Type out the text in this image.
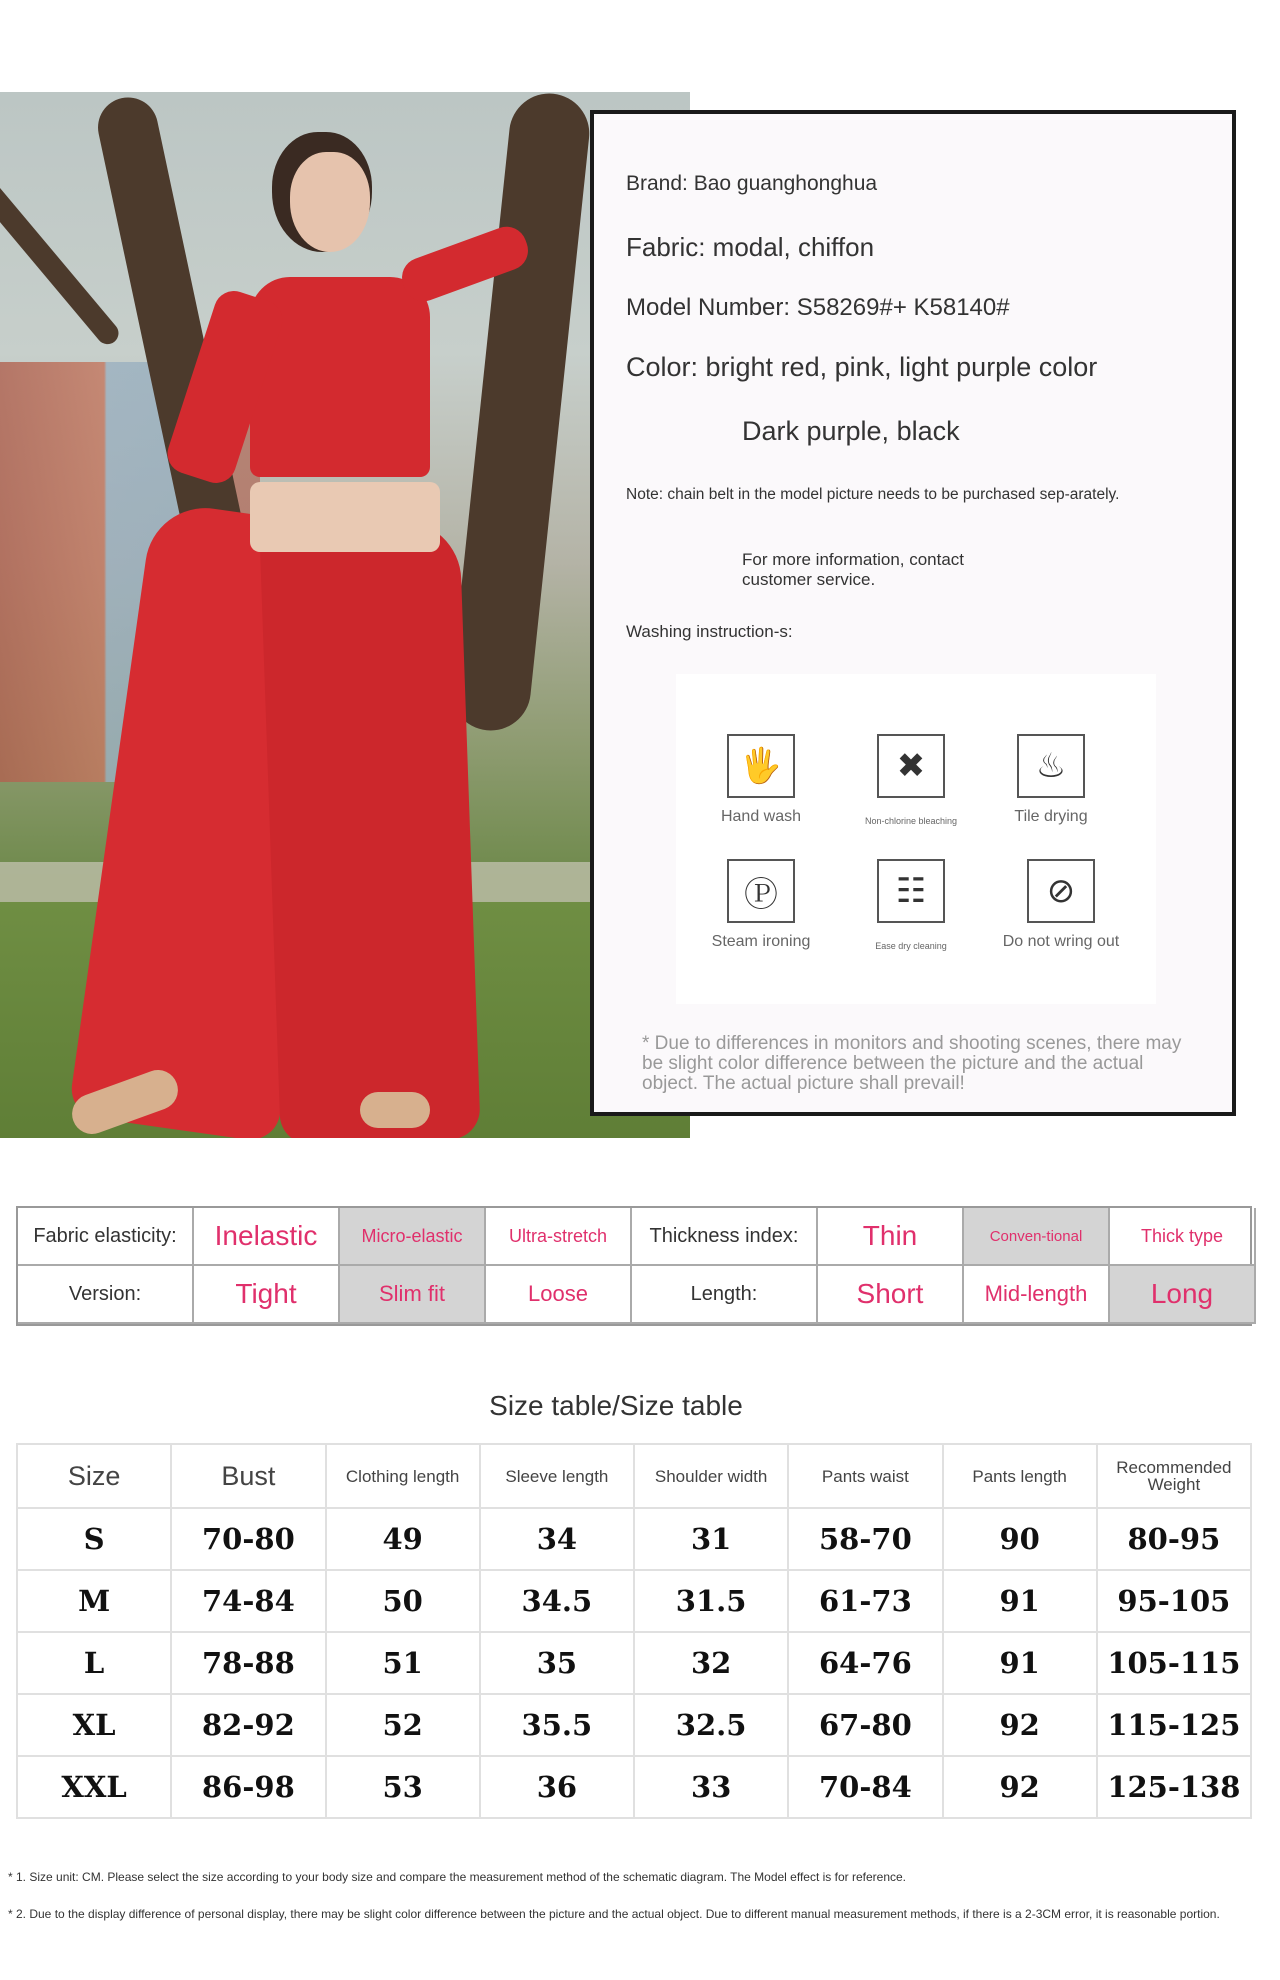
Brand: Bao guanghonghua
Fabric: modal, chiffon
Model Number: S58269#+ K58140#
Color: bright red, pink, light purple color
Dark purple, black
Note: chain belt in the model picture needs to be purchased sep-arately.
For more information, contact customer service.
Washing instruction-s:
🖐
Hand wash
✖
Non-chlorine bleaching
♨
Tile drying
Ⓟ
Steam ironing
☷
Ease dry cleaning
⊘
Do not wring out
* Due to differences in monitors and shooting scenes, there may be slight color difference between the picture and the actual object. The actual picture shall prevail!
Fabric elasticity:	Inelastic	Micro-elastic	Ultra-stretch	Thickness index:	Thin	Conven-tional	Thick type
Version:	Tight	Slim fit	Loose	Length:	Short	Mid-length	Long
Size table/Size table
Size	Bust	Clothing length	Sleeve length	Shoulder width	Pants waist	Pants length	Recommended Weight
S	70-80	49	34	31	58-70	90	80-95
M	74-84	50	34.5	31.5	61-73	91	95-105
L	78-88	51	35	32	64-76	91	105-115
XL	82-92	52	35.5	32.5	67-80	92	115-125
XXL	86-98	53	36	33	70-84	92	125-138
* 1. Size unit: CM. Please select the size according to your body size and compare the measurement method of the schematic diagram. The Model effect is for reference.
* 2. Due to the display difference of personal display, there may be slight color difference between the picture and the actual object. Due to different manual measurement methods, if there is a 2-3CM error, it is reasonable portion.
